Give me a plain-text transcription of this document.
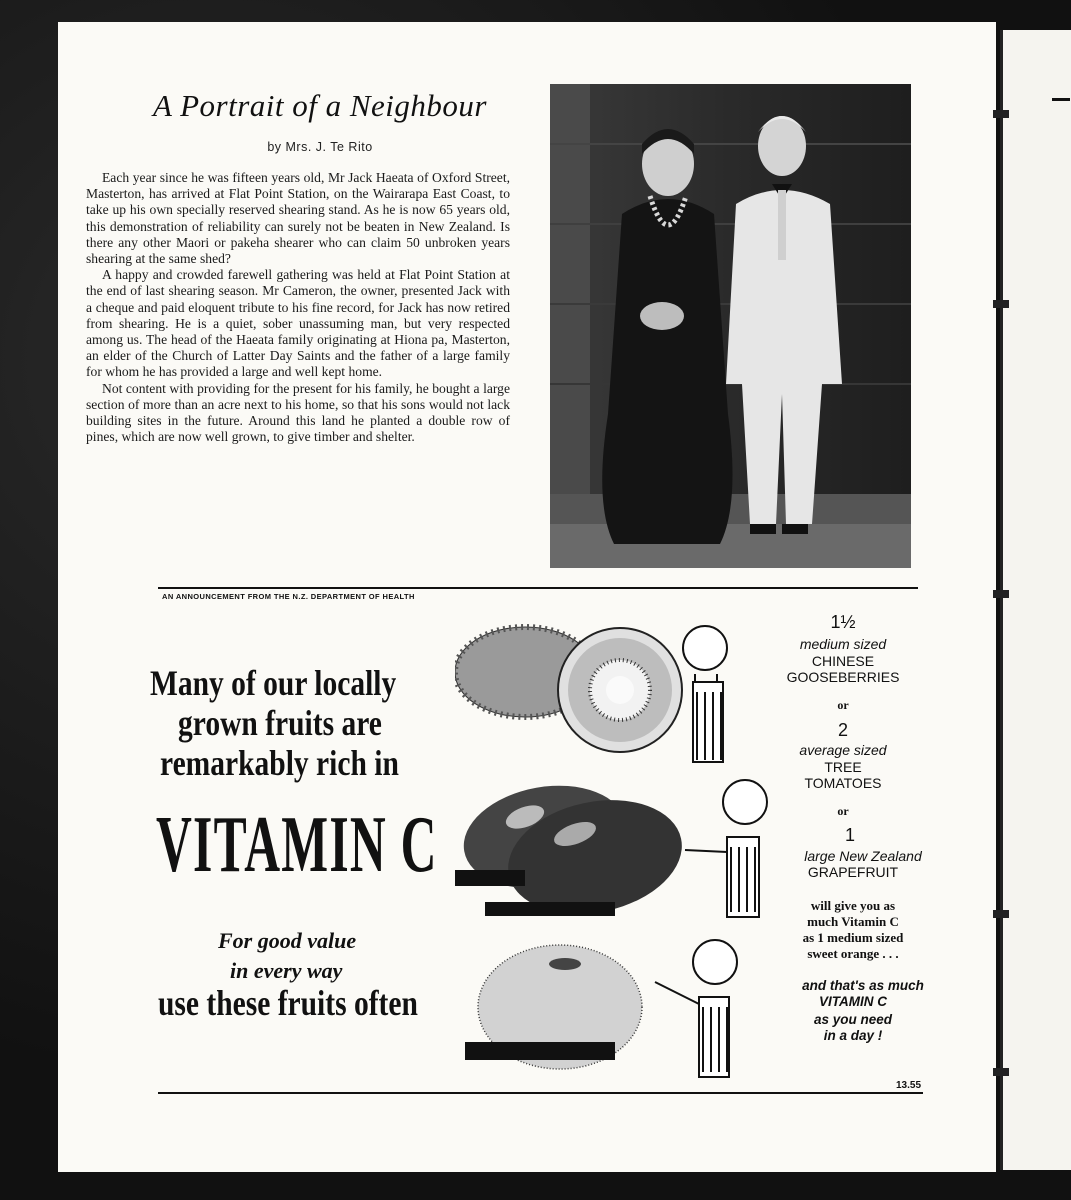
A Portrait of a Neighbour
by Mrs. J. Te Rito

Each year since he was fifteen years old, Mr Jack Haeata of Oxford Street, Masterton, has arrived at Flat Point Station, on the Wairarapa East Coast, to take up his own specially reserved shearing stand. As he is now 65 years old, this demonstration of reliability can surely not be beaten in New Zealand. Is there any other Maori or pakeha shearer who can claim 50 unbroken years shearing at the same shed?

A happy and crowded farewell gathering was held at Flat Point Station at the end of last shearing season. Mr Cameron, the owner, presented Jack with a cheque and paid eloquent tribute to his fine record, for Jack has now retired from shearing. He is a quiet, sober unassuming man, but very respected among us. The head of the Haeata family originating at Hiona pa, Masterton, an elder of the Church of Latter Day Saints and the father of a large family for whom he has provided a large and well kept home.

Not content with providing for the present for his family, he bought a large section of more than an acre next to his home, so that his sons would not lack building sites in the future. Around this land he planted a double row of pines, which are now well grown, to give timber and shelter.

AN ANNOUNCEMENT FROM THE N.Z. DEPARTMENT OF HEALTH
Many of our locally
grown fruits are
remarkably rich in
VITAMIN C
For good value
in every way
use these fruits often
1½
medium sized
CHINESE
GOOSEBERRIES
or
2
average sized
TREE
TOMATOES
or
1
large New Zealand
GRAPEFRUIT
will give you as
much Vitamin C
as 1 medium sized
sweet orange . . .
and that's as much
VITAMIN C
as you need
in a day !
13.55
